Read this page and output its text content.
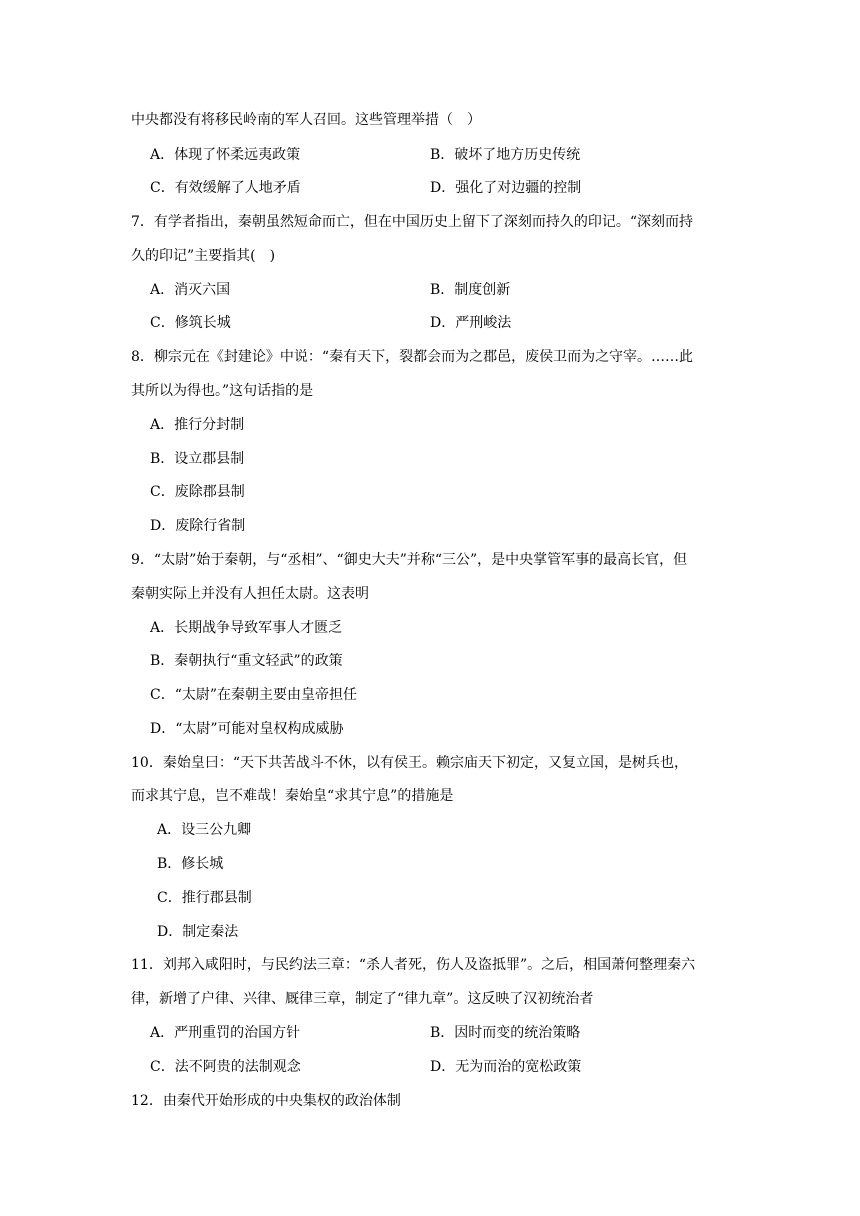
中央都没有将移民岭南的军人召回。这些管理举措（　）
A．体现了怀柔远夷政策	B．破坏了地方历史传统
C．有效缓解了人地矛盾	D．强化了对边疆的控制
7．有学者指出，秦朝虽然短命而亡，但在中国历史上留下了深刻而持久的印记。“深刻而持
久的印记”主要指其(　)
A．消灭六国	B．制度创新
C．修筑长城	D．严刑峻法
8．柳宗元在《封建论》中说：“秦有天下，裂都会而为之郡邑，废侯卫而为之守宰。……此
其所以为得也。”这句话指的是
A．推行分封制
B．设立郡县制
C．废除郡县制
D．废除行省制
9．“太尉”始于秦朝，与“丞相”、“御史大夫”并称“三公”，是中央掌管军事的最高长官，但
秦朝实际上并没有人担任太尉。这表明
A．长期战争导致军事人才匮乏
B．秦朝执行“重文轻武”的政策
C．“太尉”在秦朝主要由皇帝担任
D．“太尉”可能对皇权构成威胁
10．秦始皇曰：“天下共苦战斗不休，以有侯王。赖宗庙天下初定，又复立国，是树兵也，
而求其宁息，岂不难哉！秦始皇“求其宁息”的措施是
A．设三公九卿
B．修长城
C．推行郡县制
D．制定秦法
11．刘邦入咸阳时，与民约法三章：“杀人者死，伤人及盗抵罪”。之后，相国萧何整理秦六
律，新增了户律、兴律、厩律三章，制定了“律九章”。这反映了汉初统治者
A．严刑重罚的治国方针	B．因时而变的统治策略
C．法不阿贵的法制观念	D．无为而治的宽松政策
12．由秦代开始形成的中央集权的政治体制
